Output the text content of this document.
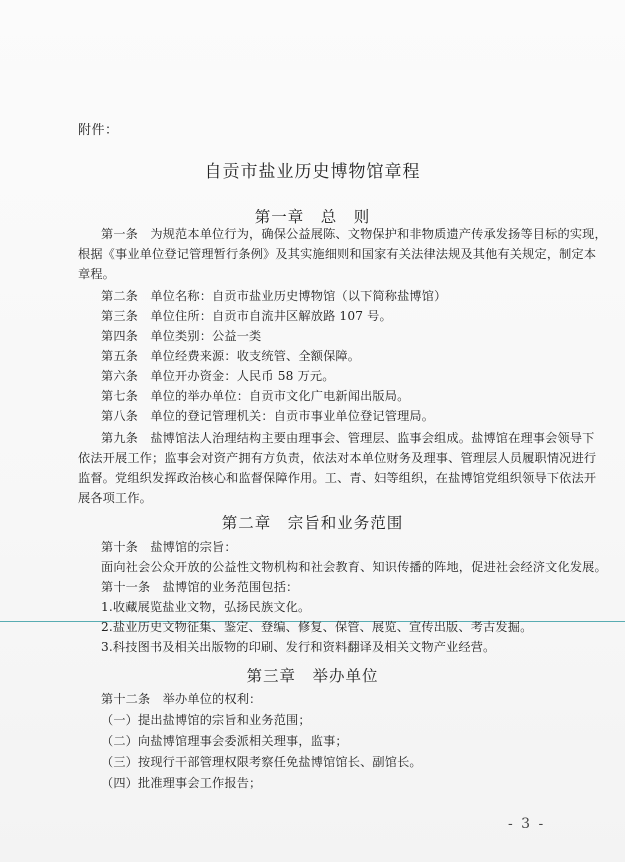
附件：
自贡市盐业历史博物馆章程
第一章　总　则
第二章　宗旨和业务范围
第三章　举办单位
第一条　为规范本单位行为，确保公益展陈、文物保护和非物质遗产传承发扬等目标的实现，
根据《事业单位登记管理暂行条例》及其实施细则和国家有关法律法规及其他有关规定，制定本
章程。
第二条　单位名称：自贡市盐业历史博物馆（以下简称盐博馆）
第三条　单位住所：自贡市自流井区解放路 107 号。
第四条　单位类别：公益一类
第五条　单位经费来源：收支统管、全额保障。
第六条　单位开办资金：人民币 58 万元。
第七条　单位的举办单位：自贡市文化广电新闻出版局。
第八条　单位的登记管理机关：自贡市事业单位登记管理局。
第九条　盐博馆法人治理结构主要由理事会、管理层、监事会组成。盐博馆在理事会领导下
依法开展工作；监事会对资产拥有方负责，依法对本单位财务及理事、管理层人员履职情况进行
监督。党组织发挥政治核心和监督保障作用。工、青、妇等组织，在盐博馆党组织领导下依法开
展各项工作。
第十条　盐博馆的宗旨：
面向社会公众开放的公益性文物机构和社会教育、知识传播的阵地，促进社会经济文化发展。
第十一条　盐博馆的业务范围包括：
1.收藏展览盐业文物，弘扬民族文化。
2.盐业历史文物征集、鉴定、登编、修复、保管、展览、宣传出版、考古发掘。
3.科技图书及相关出版物的印刷、发行和资料翻译及相关文物产业经营。
第十二条　举办单位的权利：
（一）提出盐博馆的宗旨和业务范围；
（二）向盐博馆理事会委派相关理事，监事；
（三）按现行干部管理权限考察任免盐博馆馆长、副馆长。
（四）批准理事会工作报告；
- 3 -
